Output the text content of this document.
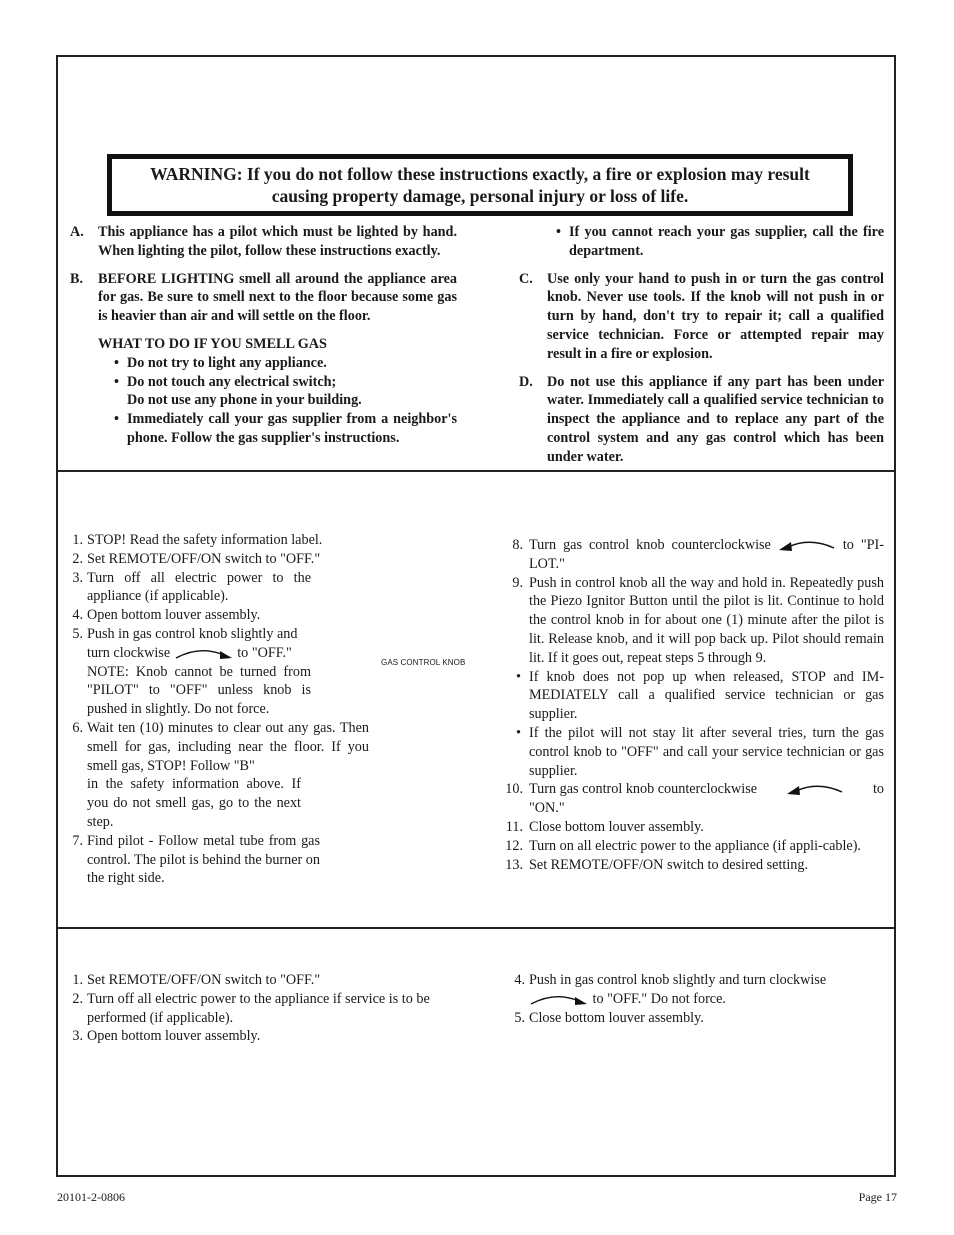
WARNING: If you do not follow these instructions exactly, a fire or explosion may result
causing property damage, personal injury or loss of life.
A. This appliance has a pilot which must be lighted by hand. When lighting the pilot, follow these instructions exactly.
B. BEFORE LIGHTING smell all around the appliance area for gas. Be sure to smell next to the floor because some gas is heavier than air and will settle on the floor.
WHAT TO DO IF YOU SMELL GAS
• Do not try to light any appliance.
• Do not touch any electrical switch;
Do not use any phone in your building.
• Immediately call your gas supplier from a neighbor's phone. Follow the gas supplier's instructions.
• If you cannot reach your gas supplier, call the fire department.
C. Use only your hand to push in or turn the gas control knob. Never use tools. If the knob will not push in or turn by hand, don't try to repair it; call a qualified service technician. Force or attempted repair may result in a fire or explosion.
D. Do not use this appliance if any part has been under water. Immediately call a qualified service technician to inspect the appliance and to replace any part of the control system and any gas control which has been under water.
1. STOP! Read the safety information label.
2. Set REMOTE/OFF/ON switch to "OFF."
3. Turn off all electric power to the appliance (if applicable).
4. Open bottom louver assembly.
5. Push in gas control knob slightly and
turn clockwise	to "OFF."
NOTE: Knob cannot be turned from "PILOT" to "OFF" unless knob is pushed in slightly. Do not force.
6. Wait ten (10) minutes to clear out any gas. Then smell for gas, including near the floor. If you smell gas, STOP! Follow "B"
in the safety information above. If you do not smell gas, go to the next step.
7. Find pilot - Follow metal tube from gas control. The pilot is behind the burner on the right side.
GAS CONTROL KNOB
8. Turn gas control knob counterclockwise	to "PI-LOT."
9. Push in control knob all the way and hold in. Repeatedly push the Piezo Ignitor Button until the pilot is lit. Continue to hold the control knob in for about one (1) minute after the pilot is lit. Release knob, and it will pop back up. Pilot should remain lit. If it goes out, repeat steps 5 through 9.
• If knob does not pop up when released, STOP and IM-MEDIATELY call a qualified service technician or gas supplier.
• If the pilot will not stay lit after several tries, turn the gas control knob to "OFF" and call your service technician or gas supplier.
10. Turn gas control knob counterclockwise	to
"ON."
11. Close bottom louver assembly.
12. Turn on all electric power to the appliance (if appli-cable).
13. Set REMOTE/OFF/ON switch to desired setting.
1. Set REMOTE/OFF/ON switch to "OFF."
2. Turn off all electric power to the appliance if service is to be performed (if applicable).
3. Open bottom louver assembly.
4. Push in gas control knob slightly and turn clockwise
to "OFF." Do not force.
5. Close bottom louver assembly.
20101-2-0806	Page 17
